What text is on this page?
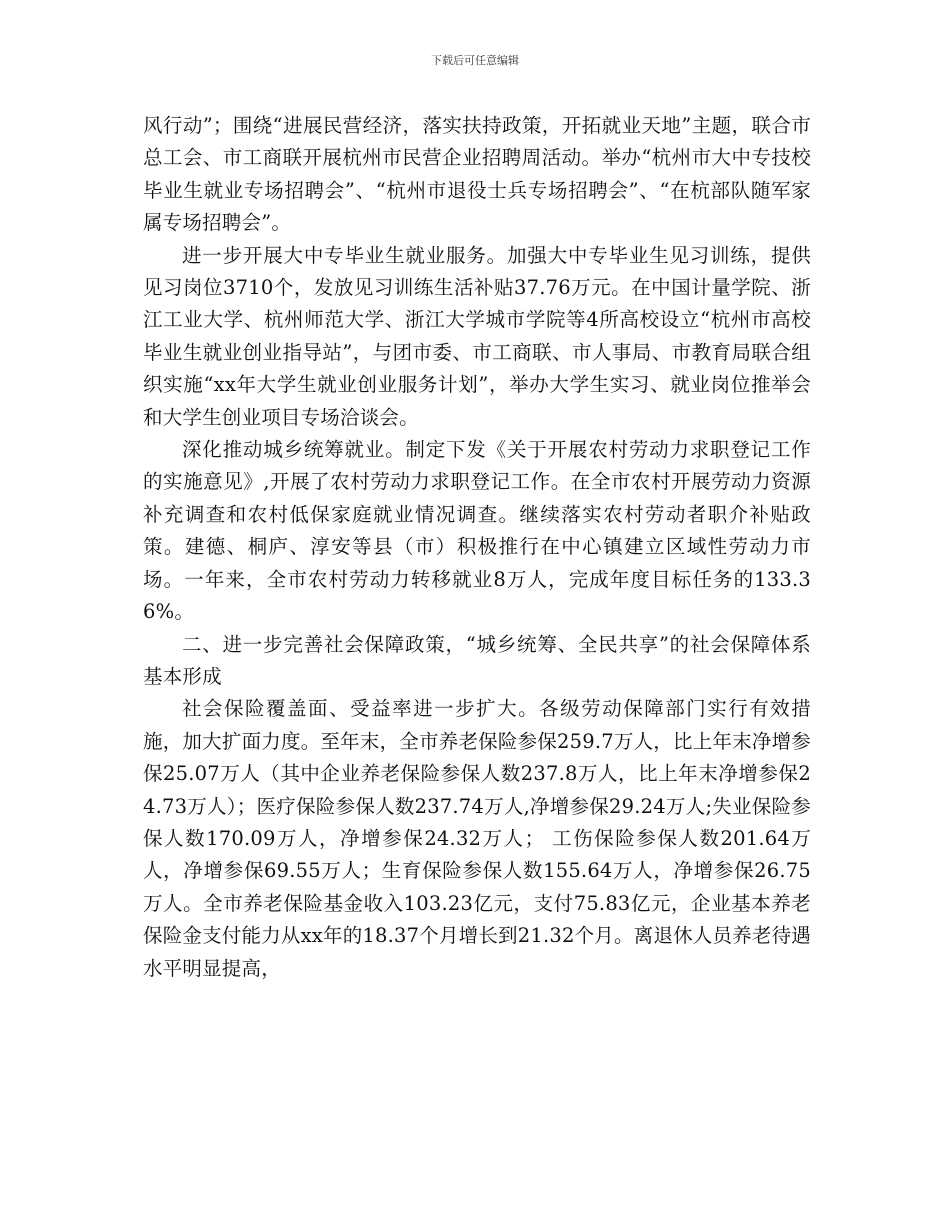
下载后可任意编辑

风行动”；围绕“进展民营经济，落实扶持政策，开拓就业天地”主题，联合市总工会、市工商联开展杭州市民营企业招聘周活动。举办“杭州市大中专技校毕业生就业专场招聘会”、“杭州市退役士兵专场招聘会”、“在杭部队随军家属专场招聘会”。

进一步开展大中专毕业生就业服务。加强大中专毕业生见习训练，提供见习岗位3710个，发放见习训练生活补贴37.76万元。在中国计量学院、浙江工业大学、杭州师范大学、浙江大学城市学院等4所高校设立“杭州市高校毕业生就业创业指导站”，与团市委、市工商联、市人事局、市教育局联合组织实施“xx年大学生就业创业服务计划”，举办大学生实习、就业岗位推举会和大学生创业项目专场洽谈会。

深化推动城乡统筹就业。制定下发《关于开展农村劳动力求职登记工作的实施意见》,开展了农村劳动力求职登记工作。在全市农村开展劳动力资源补充调查和农村低保家庭就业情况调查。继续落实农村劳动者职介补贴政策。建德、桐庐、淳安等县（市）积极推行在中心镇建立区域性劳动力市场。一年来，全市农村劳动力转移就业8万人，完成年度目标任务的133.36%。

二、进一步完善社会保障政策，“城乡统筹、全民共享”的社会保障体系基本形成

社会保险覆盖面、受益率进一步扩大。各级劳动保障部门实行有效措施，加大扩面力度。至年末，全市养老保险参保259.7万人，比上年末净增参保25.07万人（其中企业养老保险参保人数237.8万人，比上年末净增参保24.73万人）；医疗保险参保人数237.74万人,净增参保29.24万人;失业保险参保人数170.09万人，净增参保24.32万人； 工伤保险参保人数201.64万人，净增参保69.55万人；生育保险参保人数155.64万人，净增参保26.75万人。全市养老保险基金收入103.23亿元，支付75.83亿元，企业基本养老保险金支付能力从xx年的18.37个月增长到21.32个月。离退休人员养老待遇水平明显提高，
